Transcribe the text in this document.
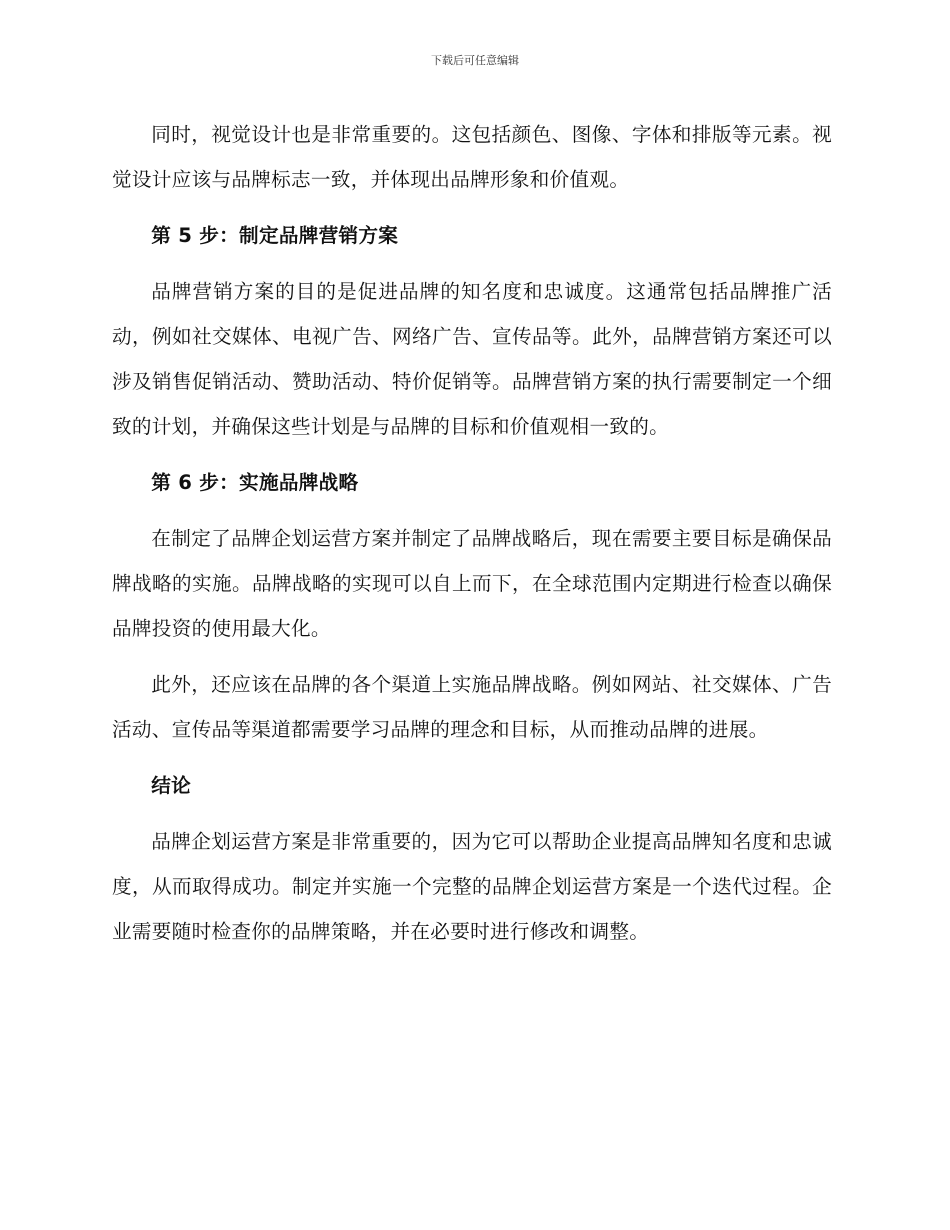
下载后可任意编辑

同时，视觉设计也是非常重要的。这包括颜色、图像、字体和排版等元素。视觉设计应该与品牌标志一致，并体现出品牌形象和价值观。

第 5 步：制定品牌营销方案

品牌营销方案的目的是促进品牌的知名度和忠诚度。这通常包括品牌推广活动，例如社交媒体、电视广告、网络广告、宣传品等。此外，品牌营销方案还可以涉及销售促销活动、赞助活动、特价促销等。品牌营销方案的执行需要制定一个细致的计划，并确保这些计划是与品牌的目标和价值观相一致的。

第 6 步：实施品牌战略

在制定了品牌企划运营方案并制定了品牌战略后，现在需要主要目标是确保品牌战略的实施。品牌战略的实现可以自上而下，在全球范围内定期进行检查以确保品牌投资的使用最大化。

此外，还应该在品牌的各个渠道上实施品牌战略。例如网站、社交媒体、广告活动、宣传品等渠道都需要学习品牌的理念和目标，从而推动品牌的进展。

结论

品牌企划运营方案是非常重要的，因为它可以帮助企业提高品牌知名度和忠诚度，从而取得成功。制定并实施一个完整的品牌企划运营方案是一个迭代过程。企业需要随时检查你的品牌策略，并在必要时进行修改和调整。
